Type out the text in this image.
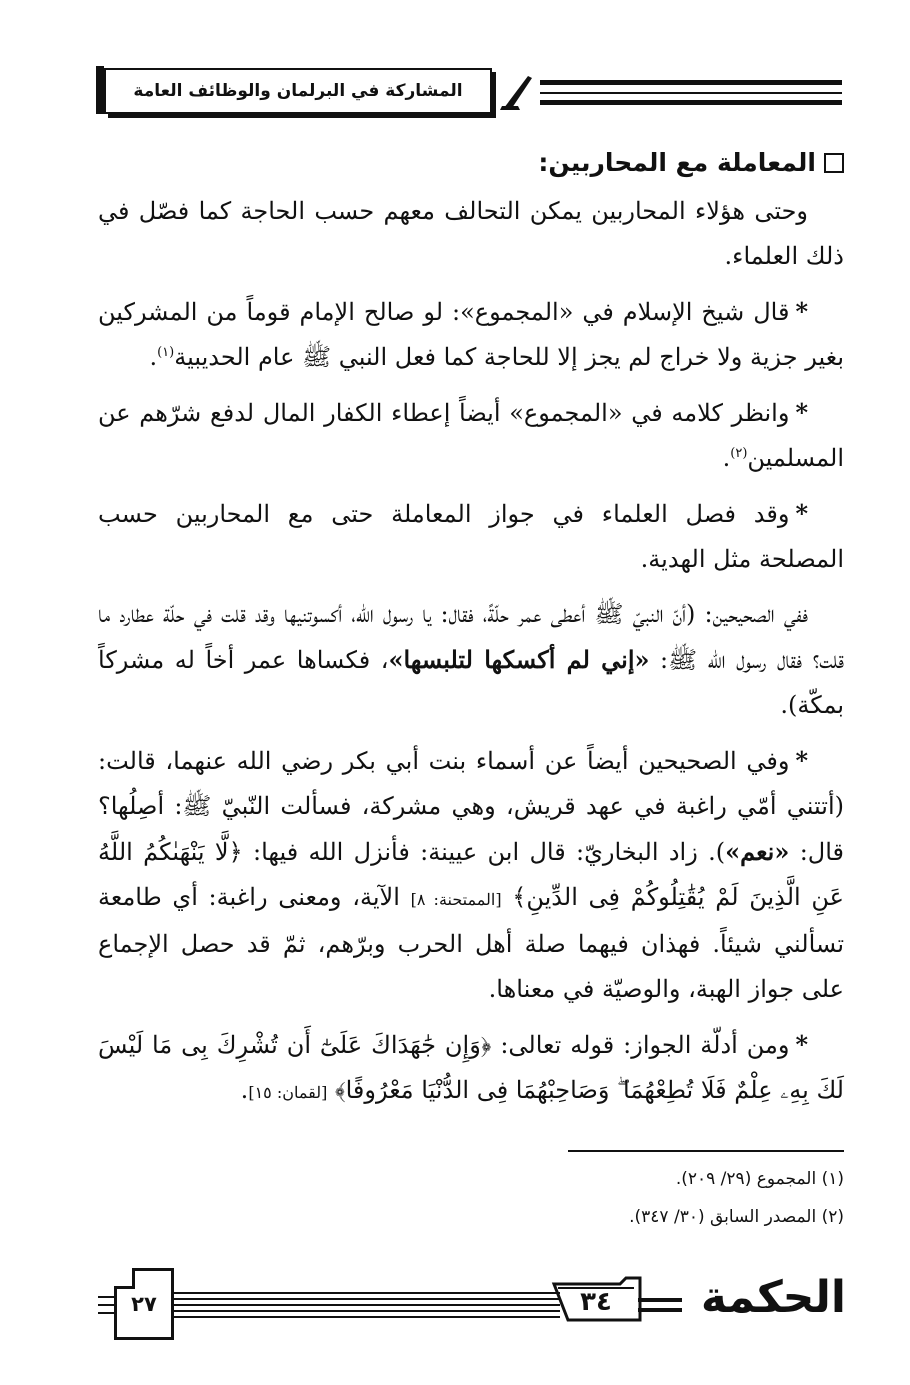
المشاركة في البرلمان والوظائف العامة

المعاملة مع المحاربين:

وحتى هؤلاء المحاربين يمكن التحالف معهم حسب الحاجة كما فصّل في ذلك العلماء.

*قال شيخ الإسلام في «المجموع»: لو صالح الإمام قوماً من المشركين بغير جزية ولا خراج لم يجز إلا للحاجة كما فعل النبي ﷺ عام الحديبية$^{(١)}$.

*وانظر كلامه في «المجموع» أيضاً إعطاء الكفار المال لدفع شرّهم عن المسلمين$^{(٢)}$.

*وقد فصل العلماء في جواز المعاملة حتى مع المحاربين حسب المصلحة مثل الهدية.

ففي الصحيحين: (أنّ النبيّ ﷺ أعطى عمر حلّةً، فقال: يا رسول الله، أكسوتنيها وقد قلت في حلّة عطارد ما قلت؟ فقال رسول الله ﷺ: «إني لم أكسكها لتلبسها»، فكساها عمر أخاً له مشركاً بمكّة).

*وفي الصحيحين أيضاً عن أسماء بنت أبي بكر رضي الله عنهما، قالت: (أتتني أمّي راغبة في عهد قريش، وهي مشركة، فسألت النّبيّ ﷺ: أصِلُها؟ قال: «نعم»). زاد البخاريّ: قال ابن عيينة: فأنزل الله فيها: ﴿لَّا يَنْهَىٰكُمُ اللَّهُ عَنِ الَّذِينَ لَمْ يُقَٰتِلُوكُمْ فِى الدِّينِ﴾ [الممتحنة: ٨] الآية، ومعنى راغبة: أي طامعة تسألني شيئاً. فهذان فيهما صلة أهل الحرب وبرّهم، ثمّ قد حصل الإجماع على جواز الهبة، والوصيّة في معناها.

*ومن أدلّة الجواز: قوله تعالى: ﴿وَإِن جَٰهَدَاكَ عَلَىٰٓ أَن تُشْرِكَ بِى مَا لَيْسَ لَكَ بِهِۦ عِلْمٌ فَلَا تُطِعْهُمَا ۖ وَصَاحِبْهُمَا فِى الدُّنْيَا مَعْرُوفًا﴾ [لقمان: ١٥].

(١) المجموع (٢٩/ ٢٠٩).
(٢) المصدر السابق (٣٠/ ٣٤٧).
٢٧	٣٤	الحكمة
